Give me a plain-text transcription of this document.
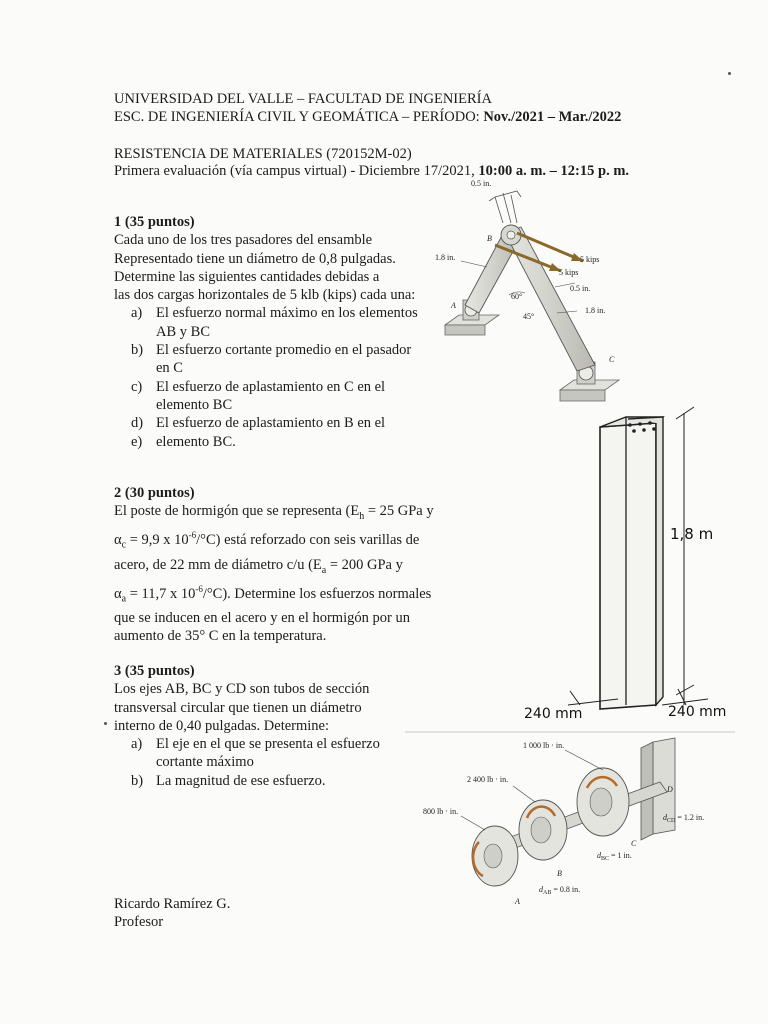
UNIVERSIDAD DEL VALLE – FACULTAD DE INGENIERÍA
ESC. DE INGENIERÍA CIVIL Y GEOMÁTICA – PERÍODO: Nov./2021 – Mar./2022
RESISTENCIA DE MATERIALES (720152M-02)
Primera evaluación (vía campus virtual) - Diciembre 17/2021, 10:00 a. m. – 12:15 p. m.

1 (35 puntos)

Cada uno de los tres pasadores del ensamble

Representado tiene un diámetro de 0,8 pulgadas.

Determine las siguientes cantidades debidas a

las dos cargas horizontales de 5 klb (kips) cada una:

a) El esfuerzo normal máximo en los elementos
AB y BC
b) El esfuerzo cortante promedio en el pasador
en C
c) El esfuerzo de aplastamiento en C en el
elemento BC
d) El esfuerzo de aplastamiento en B en el
e) elemento BC.
0.5 in.
1.8 in.	5 kips
5 kips
0.5 in.
1.8 in.
60°
45°
A
B
C

2 (30 puntos)

El poste de hormigón que se representa ($E_h = 25$ GPa y

$\alpha_c = 9,9$ x $10^{-6}/^\circ C$) está reforzado con seis varillas de

acero, de 22 mm de diámetro c/u ($E_a = 200$ GPa y

$\alpha_a = 11,7$ x $10^{-6}/^\circ C$). Determine los esfuerzos normales

que se inducen en el acero y en el hormigón por un

aumento de 35° C en la temperatura.

1,8 m
240 mm	240 mm

3 (35 puntos)

Los ejes AB, BC y CD son tubos de sección

transversal circular que tienen un diámetro

interno de 0,40 pulgadas. Determine:

a) El eje en el que se presenta el esfuerzo
cortante máximo
b) La magnitud de ese esfuerzo.
1 000 lb · in.
2 400 lb · in.
800 lb · in.
$d_{CD} = 1.2$ in.
$d_{BC} = 1$ in.
$d_{AB} = 0.8$ in.
A
B
C
D
Ricardo Ramírez G.
Profesor
